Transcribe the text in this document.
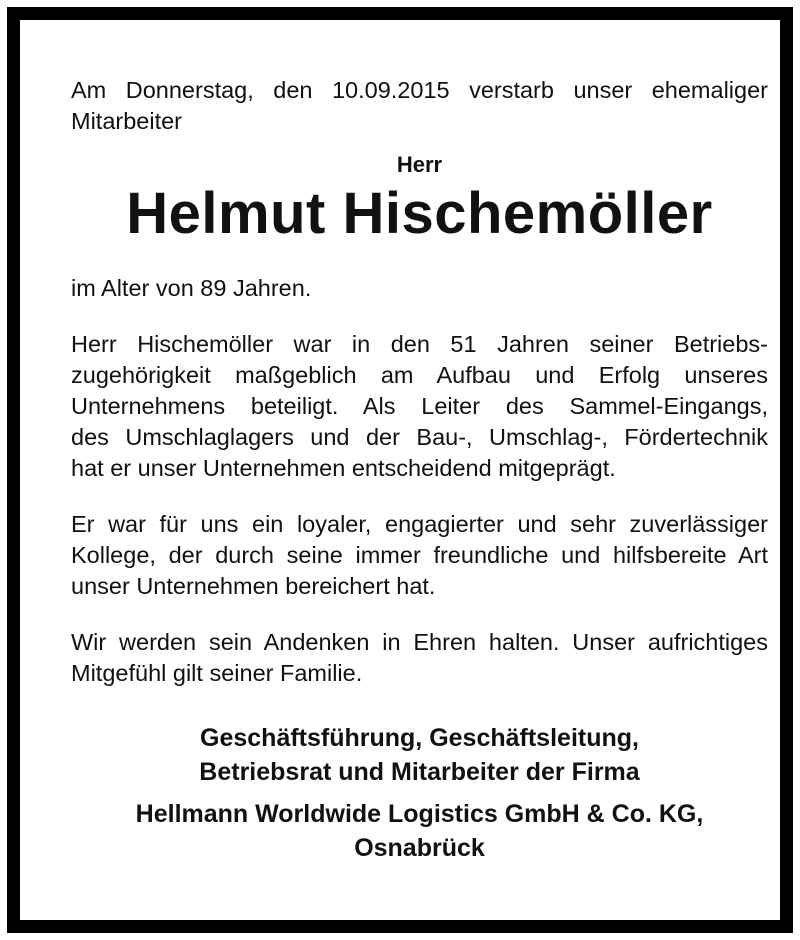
Am Donnerstag, den 10.09.2015 verstarb unser ehemaliger
Mitarbeiter
Herr
Helmut Hischemöller
im Alter von 89 Jahren.
Herr Hischemöller war in den 51 Jahren seiner Betriebs-
zugehörigkeit maßgeblich am Aufbau und Erfolg unseres
Unternehmens beteiligt. Als Leiter des Sammel-Eingangs,
des Umschlaglagers und der Bau-, Umschlag-, Fördertechnik
hat er unser Unternehmen entscheidend mitgeprägt.
Er war für uns ein loyaler, engagierter und sehr zuverlässiger
Kollege, der durch seine immer freundliche und hilfsbereite Art
unser Unternehmen bereichert hat.
Wir werden sein Andenken in Ehren halten. Unser aufrichtiges
Mitgefühl gilt seiner Familie.
Geschäftsführung, Geschäftsleitung,
Betriebsrat und Mitarbeiter der Firma
Hellmann Worldwide Logistics GmbH & Co. KG,
Osnabrück
